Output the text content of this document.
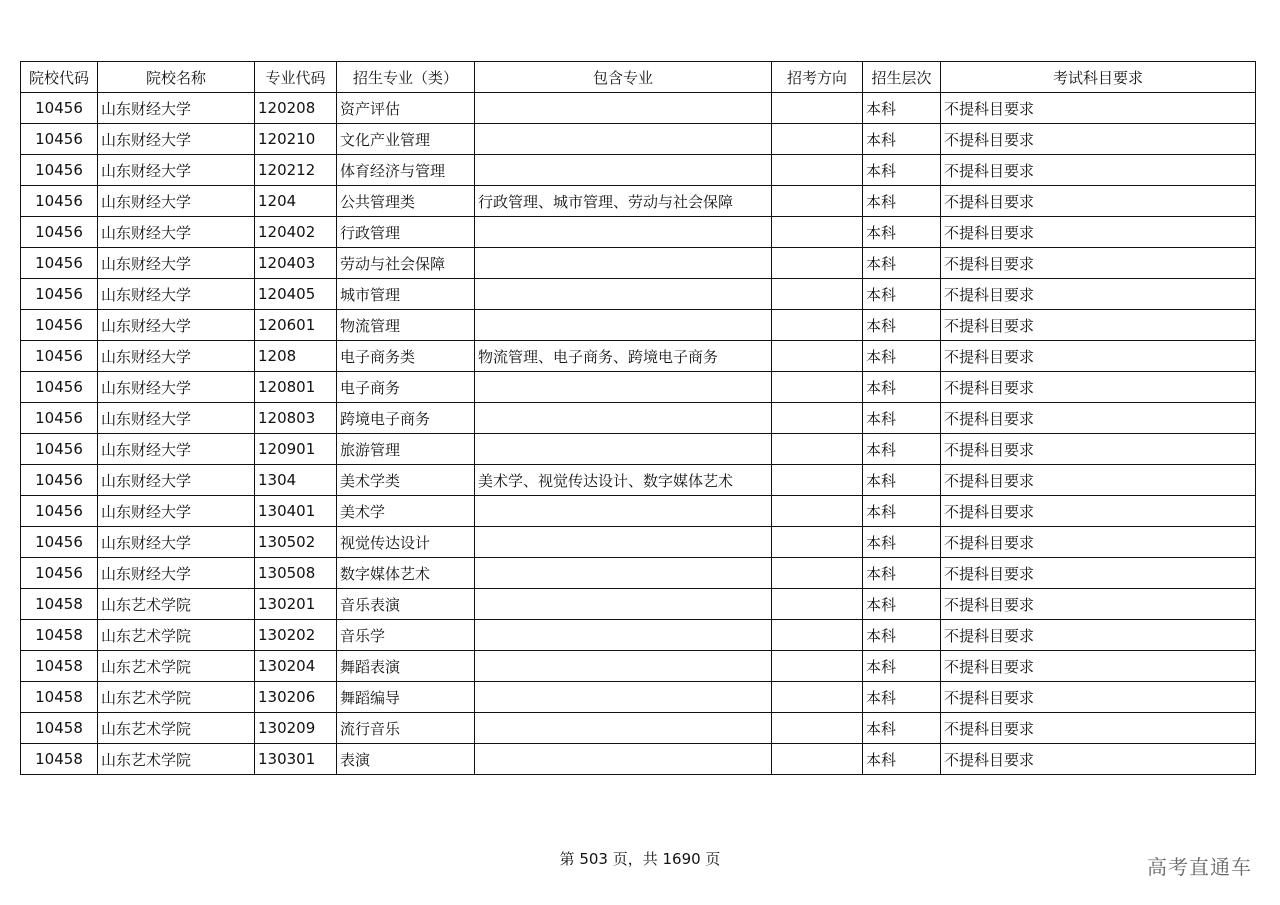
院校代码	院校名称	专业代码	招生专业（类）	包含专业	招考方向	招生层次	考试科目要求
10456	山东财经大学	120208	资产评估			本科	不提科目要求
10456	山东财经大学	120210	文化产业管理			本科	不提科目要求
10456	山东财经大学	120212	体育经济与管理			本科	不提科目要求
10456	山东财经大学	1204	公共管理类	行政管理、城市管理、劳动与社会保障		本科	不提科目要求
10456	山东财经大学	120402	行政管理			本科	不提科目要求
10456	山东财经大学	120403	劳动与社会保障			本科	不提科目要求
10456	山东财经大学	120405	城市管理			本科	不提科目要求
10456	山东财经大学	120601	物流管理			本科	不提科目要求
10456	山东财经大学	1208	电子商务类	物流管理、电子商务、跨境电子商务		本科	不提科目要求
10456	山东财经大学	120801	电子商务			本科	不提科目要求
10456	山东财经大学	120803	跨境电子商务			本科	不提科目要求
10456	山东财经大学	120901	旅游管理			本科	不提科目要求
10456	山东财经大学	1304	美术学类	美术学、视觉传达设计、数字媒体艺术		本科	不提科目要求
10456	山东财经大学	130401	美术学			本科	不提科目要求
10456	山东财经大学	130502	视觉传达设计			本科	不提科目要求
10456	山东财经大学	130508	数字媒体艺术			本科	不提科目要求
10458	山东艺术学院	130201	音乐表演			本科	不提科目要求
10458	山东艺术学院	130202	音乐学			本科	不提科目要求
10458	山东艺术学院	130204	舞蹈表演			本科	不提科目要求
10458	山东艺术学院	130206	舞蹈编导			本科	不提科目要求
10458	山东艺术学院	130209	流行音乐			本科	不提科目要求
10458	山东艺术学院	130301	表演			本科	不提科目要求
第 503 页，共 1690 页	高考直通车
